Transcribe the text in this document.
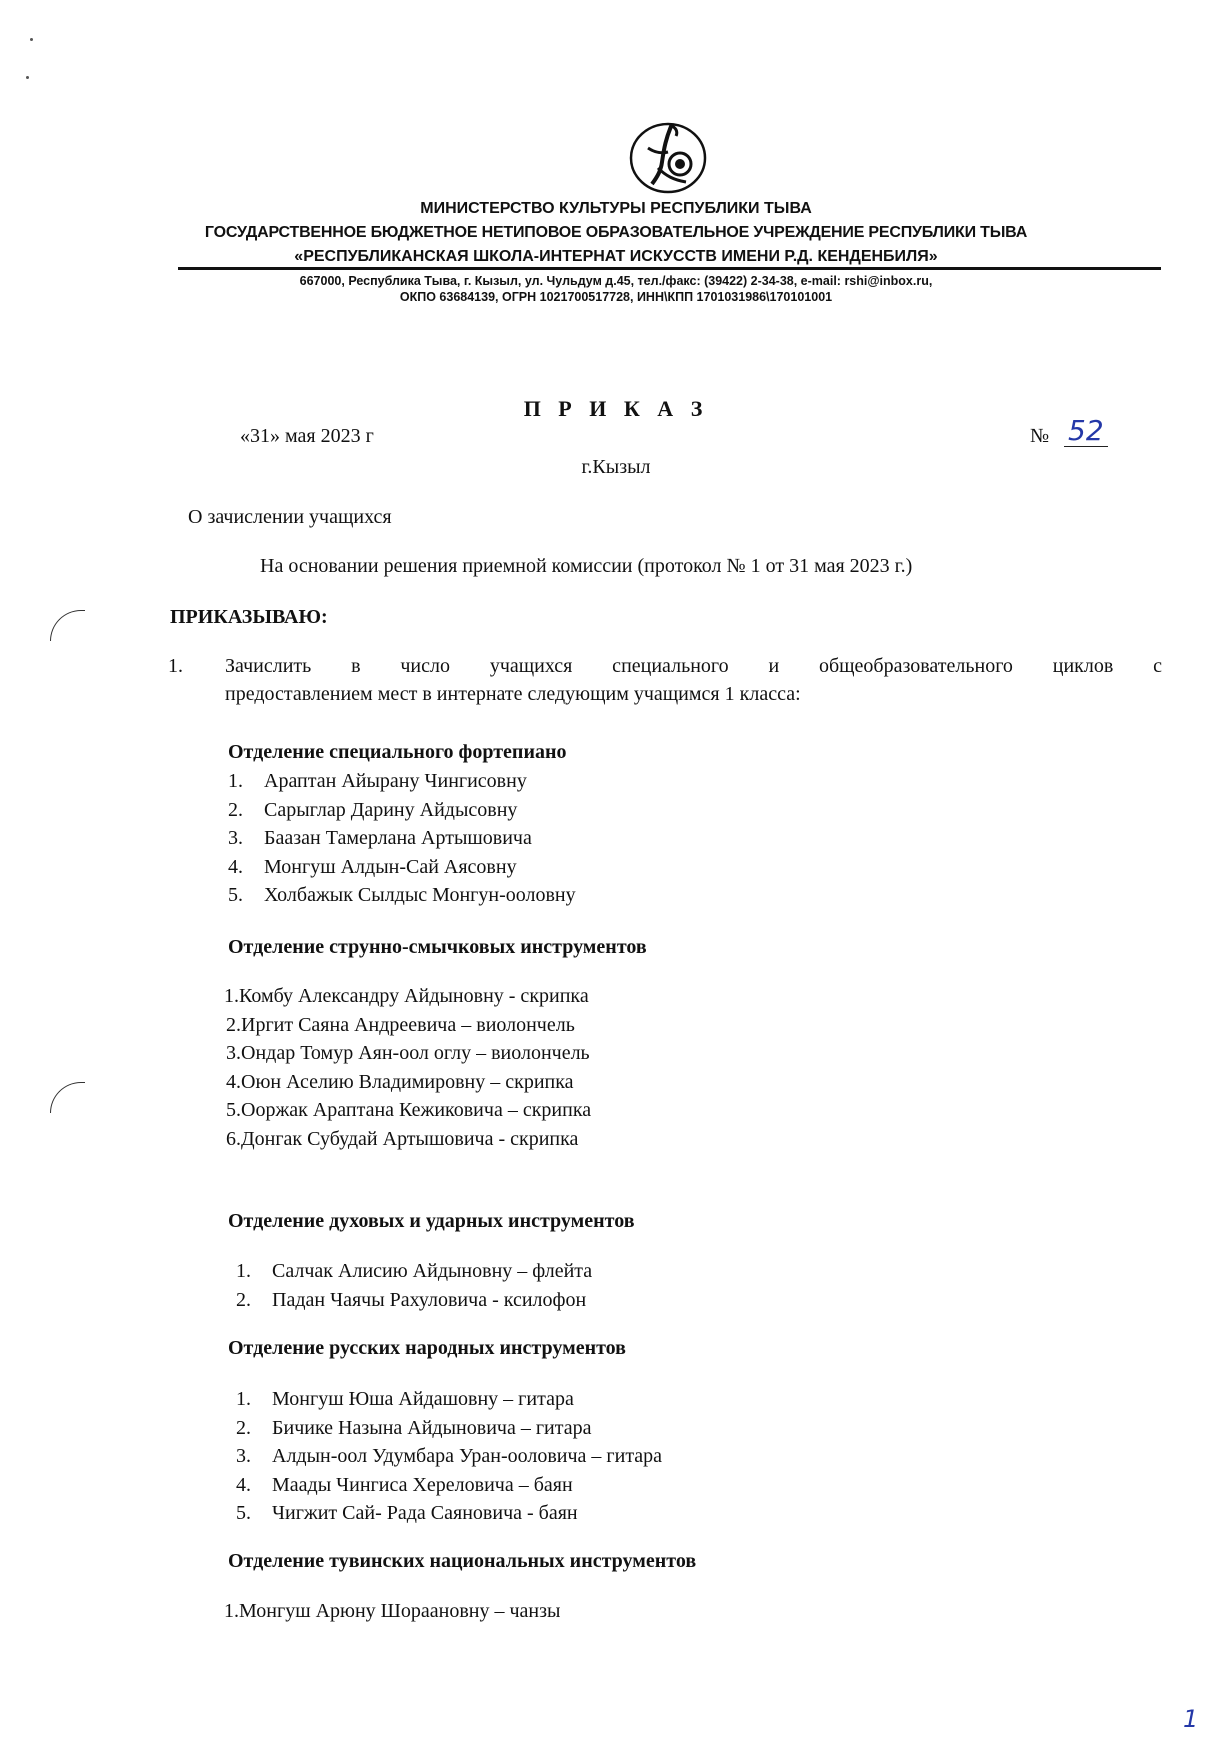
МИНИСТЕРСТВО КУЛЬТУРЫ РЕСПУБЛИКИ ТЫВА
ГОСУДАРСТВЕННОЕ БЮДЖЕТНОЕ НЕТИПОВОЕ ОБРАЗОВАТЕЛЬНОЕ УЧРЕЖДЕНИЕ РЕСПУБЛИКИ ТЫВА
«РЕСПУБЛИКАНСКАЯ ШКОЛА-ИНТЕРНАТ ИСКУССТВ ИМЕНИ Р.Д. КЕНДЕНБИЛЯ»
667000, Республика Тыва, г. Кызыл, ул. Чульдум д.45, тел./факс: (39422) 2-34-38, e-mail: rshi@inbox.ru,
ОКПО 63684139, ОГРН 1021700517728, ИНН\КПП 1701031986\170101001
П Р И К А З
«31» мая 2023 г	№ 52
г.Кызыл
О зачислении учащихся
На основании решения приемной комиссии (протокол № 1 от 31 мая 2023 г.)
ПРИКАЗЫВАЮ:
1. Зачислить в число учащихся специального и общеобразовательного циклов с
предоставлением мест в интернате следующим учащимся 1 класса:
Отделение специального фортепиано
1. Араптан Айырану Чингисовну
2. Сарыглар Дарину Айдысовну
3. Баазан Тамерлана Артышовича
4. Монгуш Алдын-Сай Аясовну
5. Холбажык Сылдыс Монгун-ооловну
Отделение струнно-смычковых инструментов
1.Комбу Александру Айдыновну - скрипка
2.Иргит Саяна Андреевича – виолончель
3.Ондар Томур Аян-оол оглу – виолончель
4.Оюн Аселию Владимировну – скрипка
5.Ооржак Араптана Кежиковича – скрипка
6.Донгак Субудай Артышовича - скрипка
Отделение духовых и ударных инструментов
1. Салчак Алисию Айдыновну – флейта
2. Падан Чаячы Рахуловича - ксилофон
Отделение русских народных инструментов
1. Монгуш Юша Айдашовну – гитара
2. Бичике Назына Айдыновича – гитара
3. Алдын-оол Удумбара Уран-ооловича – гитара
4. Маады Чингиса Хереловича – баян
5. Чигжит Сай- Рада Саяновича - баян
Отделение тувинских национальных инструментов
1.Монгуш Арюну Шораановну – чанзы
1
